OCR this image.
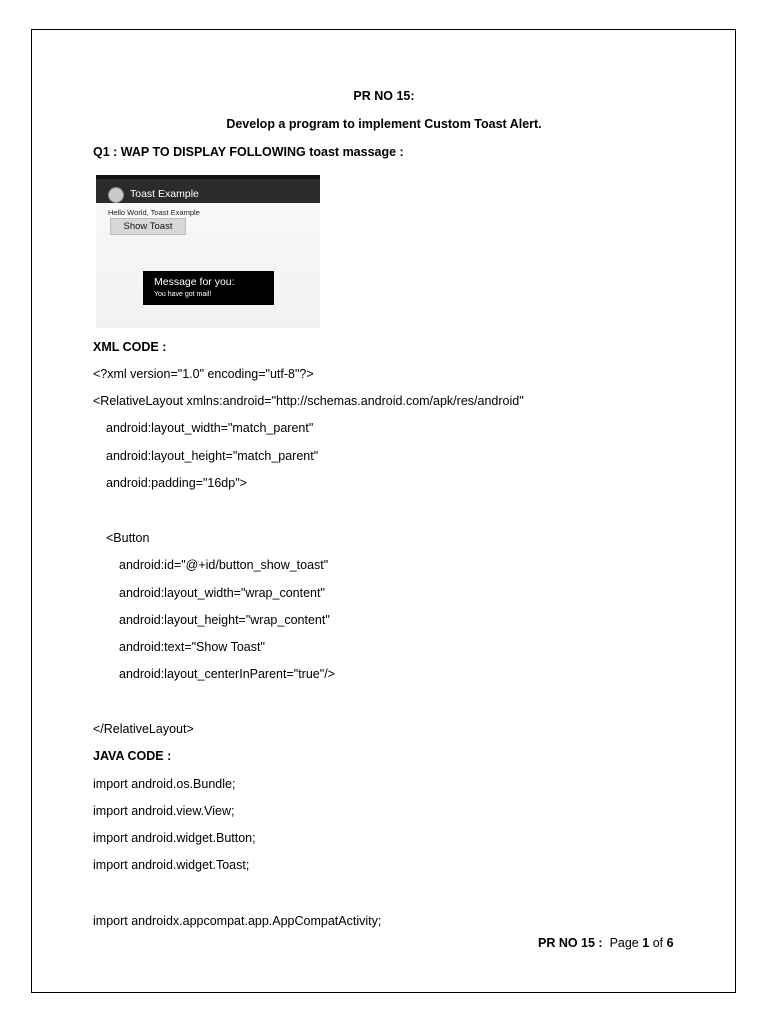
PR NO 15:
Develop a program to implement Custom Toast Alert.
Q1 : WAP TO DISPLAY FOLLOWING toast massage :
Toast Example
Hello World, Toast Example
Show Toast
Message for you:
You have got mail!
XML CODE :
<?xml version="1.0" encoding="utf-8"?>
<RelativeLayout xmlns:android="http://schemas.android.com/apk/res/android"
android:layout_width="match_parent"
android:layout_height="match_parent"
android:padding="16dp">
<Button
android:id="@+id/button_show_toast"
android:layout_width="wrap_content"
android:layout_height="wrap_content"
android:text="Show Toast"
android:layout_centerInParent="true"/>
</RelativeLayout>
JAVA CODE :
import android.os.Bundle;
import android.view.View;
import android.widget.Button;
import android.widget.Toast;
import androidx.appcompat.app.AppCompatActivity;
PR NO 15 : Page 1 of 6
